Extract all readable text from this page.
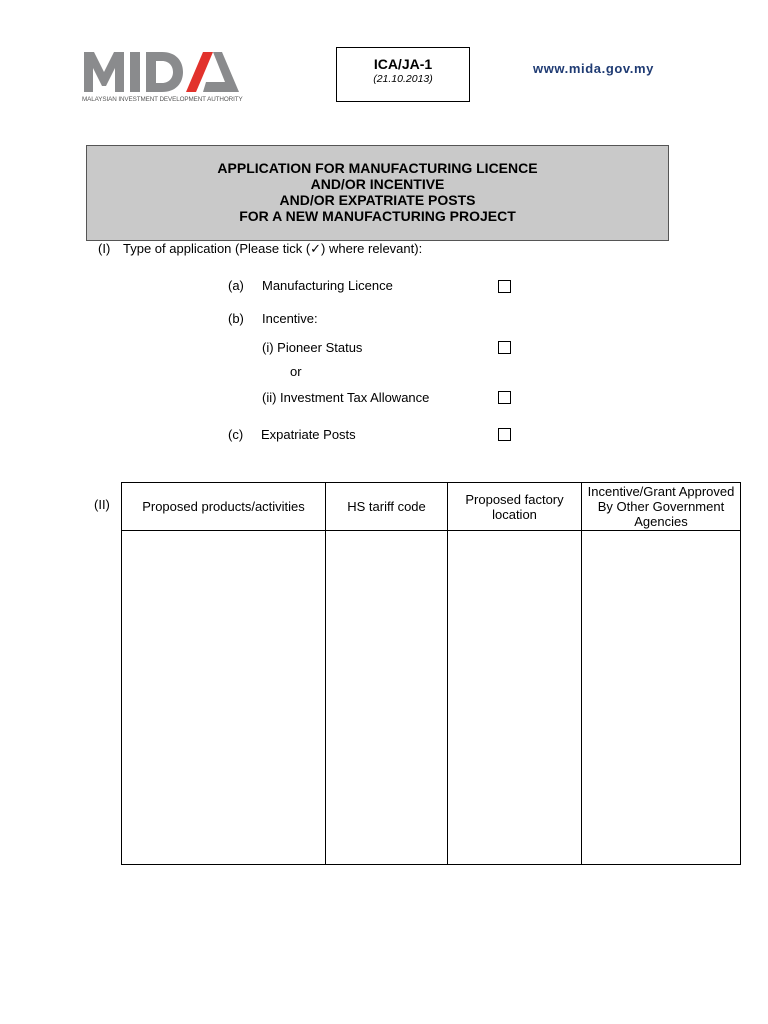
MALAYSIAN INVESTMENT DEVELOPMENT AUTHORITY
ICA/JA-1
(21.10.2013)
www.mida.gov.my
APPLICATION FOR MANUFACTURING LICENCE
AND/OR INCENTIVE
AND/OR EXPATRIATE POSTS
FOR A NEW MANUFACTURING PROJECT
(I) Type of application (Please tick (✓) where relevant):
(a) Manufacturing Licence
(b) Incentive:
(i) Pioneer Status
or
(ii) Investment Tax Allowance
(c) Expatriate Posts
(II) Proposed products/activities	HS tariff code	Proposed factory location	Incentive/Grant Approved By Other Government Agencies
